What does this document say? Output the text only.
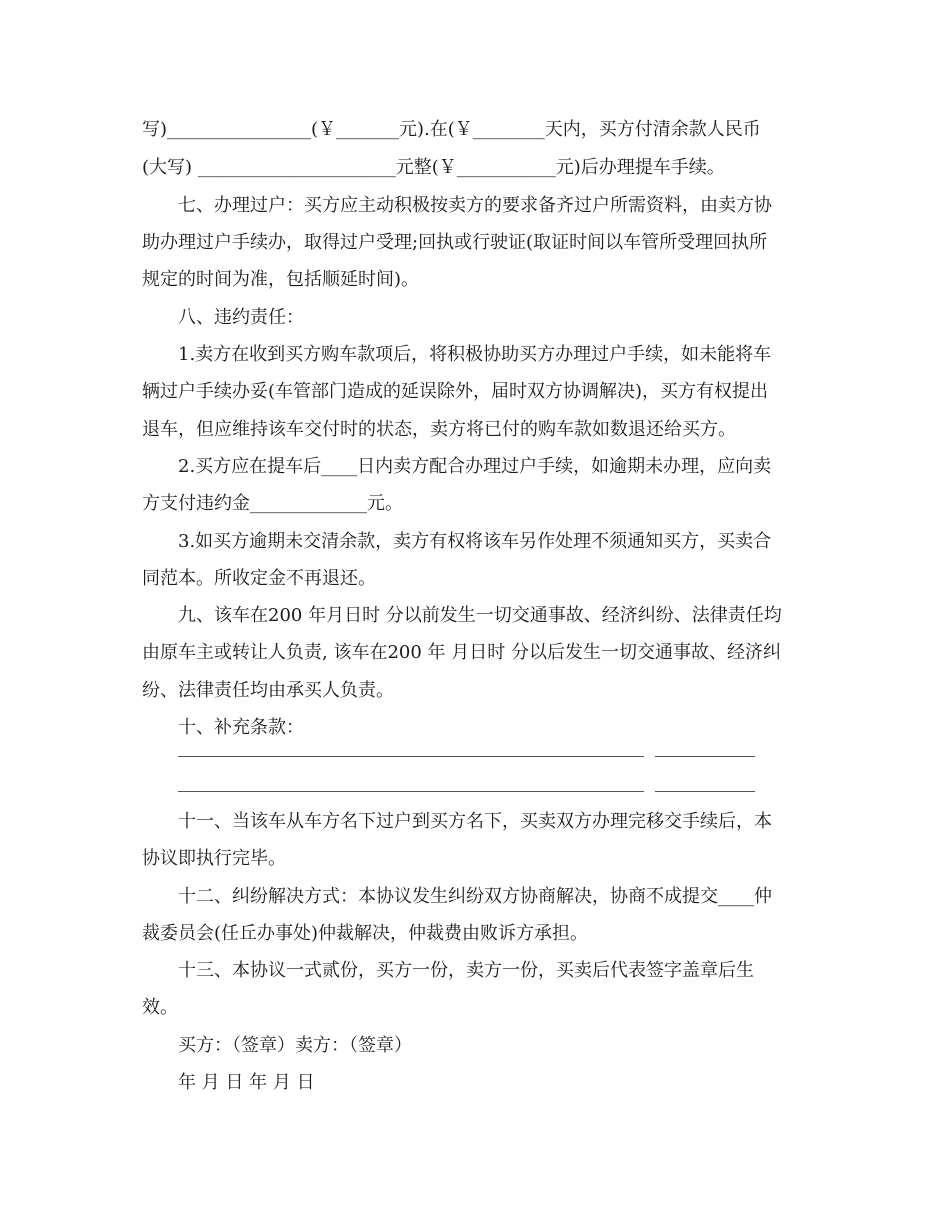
写)________________(￥_______元).在(￥________天内，买方付清余款人民币
(大写) ______________________元整(￥___________元)后办理提车手续。
七、办理过户：买方应主动积极按卖方的要求备齐过户所需资料，由卖方协
助办理过户手续办，取得过户受理;回执或行驶证(取证时间以车管所受理回执所
规定的时间为准，包括顺延时间)。
八、违约责任：
1.卖方在收到买方购车款项后，将积极协助买方办理过户手续，如未能将车
辆过户手续办妥(车管部门造成的延误除外，届时双方协调解决)，买方有权提出
退车，但应维持该车交付时的状态，卖方将已付的购车款如数退还给买方。
2.买方应在提车后____日内卖方配合办理过户手续，如逾期未办理，应向卖
方支付违约金_____________元。
3.如买方逾期未交清余款，卖方有权将该车另作处理不须通知买方，买卖合
同范本。所收定金不再退还。
九、该车在200 年月日时 分以前发生一切交通事故、经济纠纷、法律责任均
由原车主或转让人负责, 该车在200 年 月日时 分以后发生一切交通事故、经济纠
纷、法律责任均由承买人负责。
十、补充条款：
十一、当该车从车方名下过户到买方名下，买卖双方办理完移交手续后，本
协议即执行完毕。
十二、纠纷解决方式：本协议发生纠纷双方协商解决，协商不成提交____仲
裁委员会(任丘办事处)仲裁解决，仲裁费由败诉方承担。
十三、本协议一式贰份，买方一份，卖方一份，买卖后代表签字盖章后生
效。
买方：（签章）卖方：（签章）
年 月 日 年 月 日
